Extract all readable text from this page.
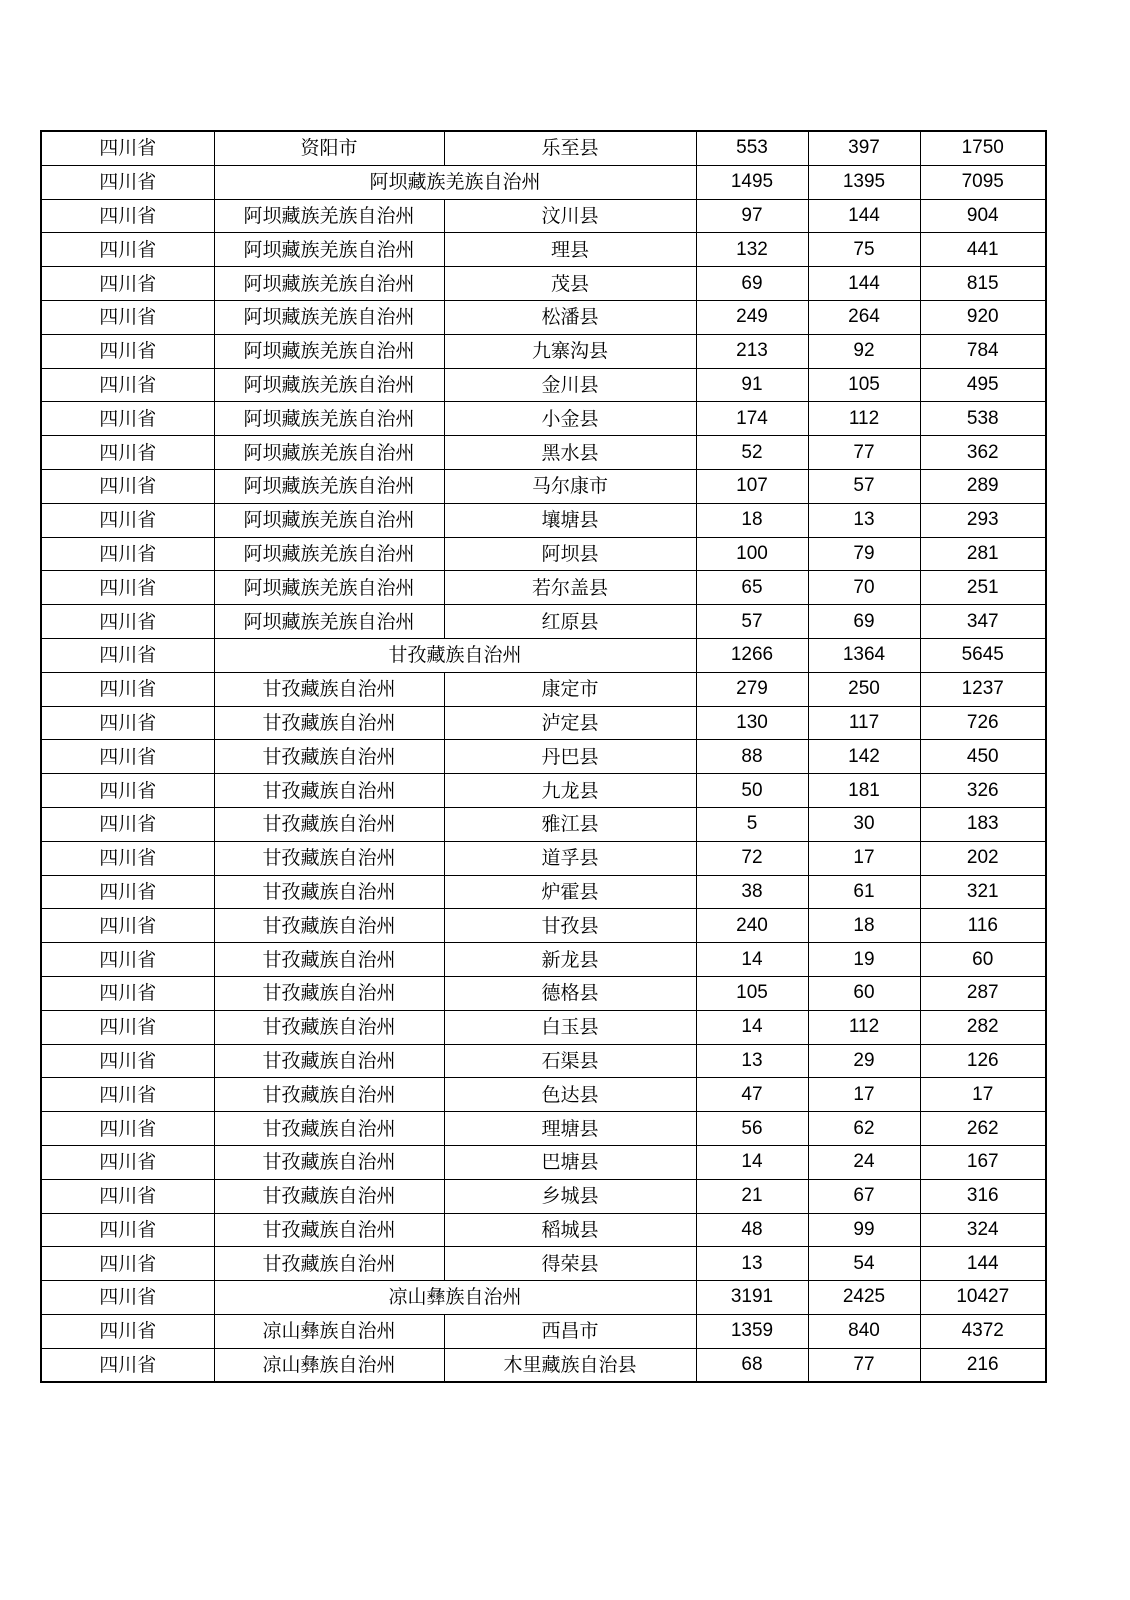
四川省	资阳市	乐至县	553	397	1750
四川省	阿坝藏族羌族自治州		1495	1395	7095
四川省	阿坝藏族羌族自治州	汶川县	97	144	904
四川省	阿坝藏族羌族自治州	理县	132	75	441
四川省	阿坝藏族羌族自治州	茂县	69	144	815
四川省	阿坝藏族羌族自治州	松潘县	249	264	920
四川省	阿坝藏族羌族自治州	九寨沟县	213	92	784
四川省	阿坝藏族羌族自治州	金川县	91	105	495
四川省	阿坝藏族羌族自治州	小金县	174	112	538
四川省	阿坝藏族羌族自治州	黑水县	52	77	362
四川省	阿坝藏族羌族自治州	马尔康市	107	57	289
四川省	阿坝藏族羌族自治州	壤塘县	18	13	293
四川省	阿坝藏族羌族自治州	阿坝县	100	79	281
四川省	阿坝藏族羌族自治州	若尔盖县	65	70	251
四川省	阿坝藏族羌族自治州	红原县	57	69	347
四川省	甘孜藏族自治州		1266	1364	5645
四川省	甘孜藏族自治州	康定市	279	250	1237
四川省	甘孜藏族自治州	泸定县	130	117	726
四川省	甘孜藏族自治州	丹巴县	88	142	450
四川省	甘孜藏族自治州	九龙县	50	181	326
四川省	甘孜藏族自治州	雅江县	5	30	183
四川省	甘孜藏族自治州	道孚县	72	17	202
四川省	甘孜藏族自治州	炉霍县	38	61	321
四川省	甘孜藏族自治州	甘孜县	240	18	116
四川省	甘孜藏族自治州	新龙县	14	19	60
四川省	甘孜藏族自治州	德格县	105	60	287
四川省	甘孜藏族自治州	白玉县	14	112	282
四川省	甘孜藏族自治州	石渠县	13	29	126
四川省	甘孜藏族自治州	色达县	47	17	17
四川省	甘孜藏族自治州	理塘县	56	62	262
四川省	甘孜藏族自治州	巴塘县	14	24	167
四川省	甘孜藏族自治州	乡城县	21	67	316
四川省	甘孜藏族自治州	稻城县	48	99	324
四川省	甘孜藏族自治州	得荣县	13	54	144
四川省	凉山彝族自治州		3191	2425	10427
四川省	凉山彝族自治州	西昌市	1359	840	4372
四川省	凉山彝族自治州	木里藏族自治县	68	77	216
